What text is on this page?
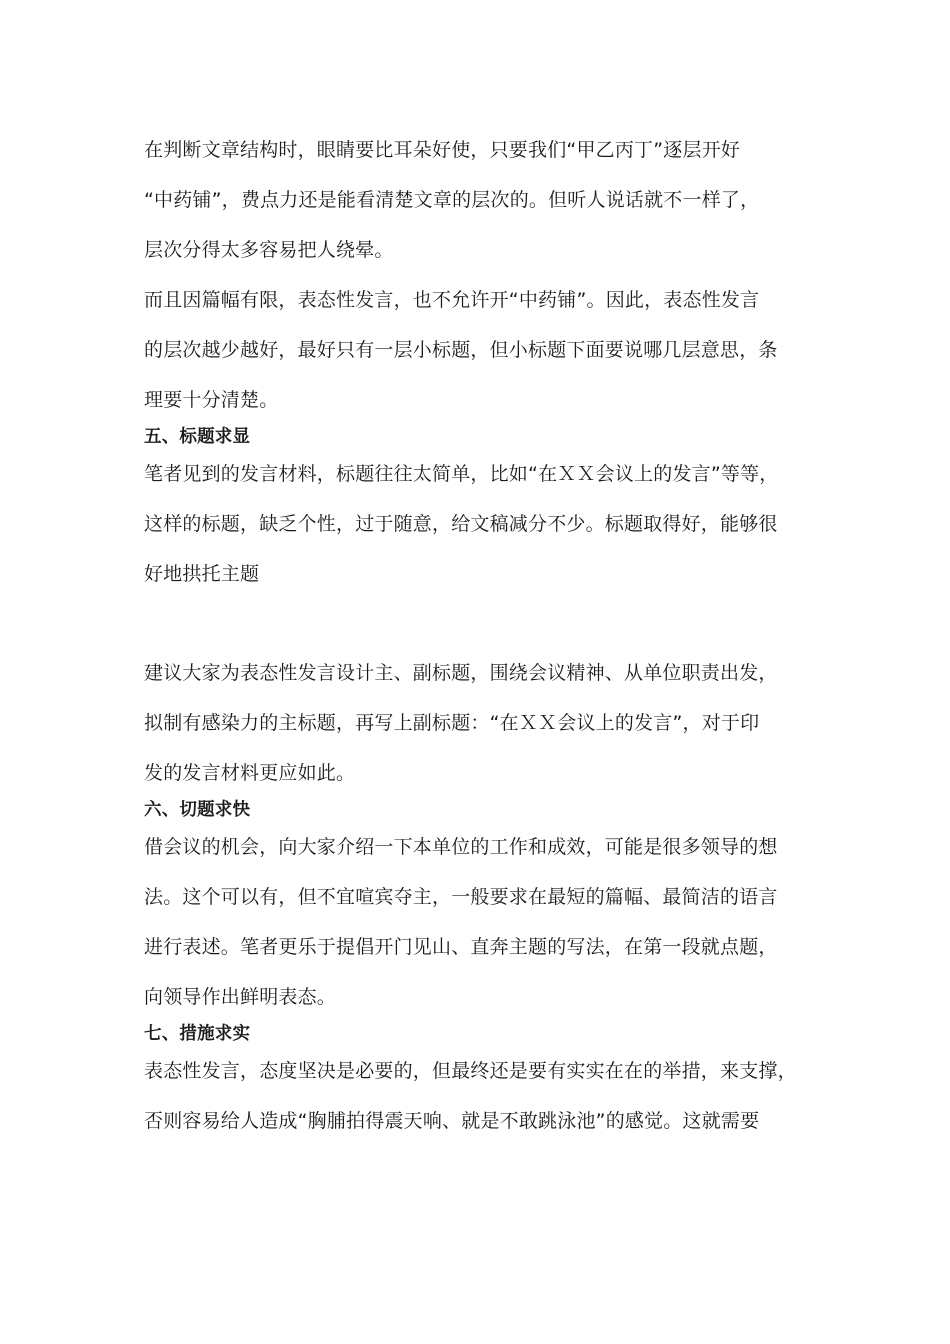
在判断文章结构时，眼睛要比耳朵好使，只要我们“甲乙丙丁”逐层开好
“中药铺”，费点力还是能看清楚文章的层次的。但听人说话就不一样了，
层次分得太多容易把人绕晕。
而且因篇幅有限，表态性发言，也不允许开“中药铺”。因此，表态性发言
的层次越少越好，最好只有一层小标题，但小标题下面要说哪几层意思，条
理要十分清楚。
五、标题求显
笔者见到的发言材料，标题往往太简单，比如“在ＸＸ会议上的发言”等等，
这样的标题，缺乏个性，过于随意，给文稿减分不少。标题取得好，能够很
好地拱托主题
建议大家为表态性发言设计主、副标题，围绕会议精神、从单位职责出发，
拟制有感染力的主标题，再写上副标题：“在ＸＸ会议上的发言”，对于印
发的发言材料更应如此。
六、切题求快
借会议的机会，向大家介绍一下本单位的工作和成效，可能是很多领导的想
法。这个可以有，但不宜喧宾夺主，一般要求在最短的篇幅、最简洁的语言
进行表述。笔者更乐于提倡开门见山、直奔主题的写法，在第一段就点题，
向领导作出鲜明表态。
七、措施求实
表态性发言，态度坚决是必要的，但最终还是要有实实在在的举措，来支撑，
否则容易给人造成“胸脯拍得震天响、就是不敢跳泳池”的感觉。这就需要
